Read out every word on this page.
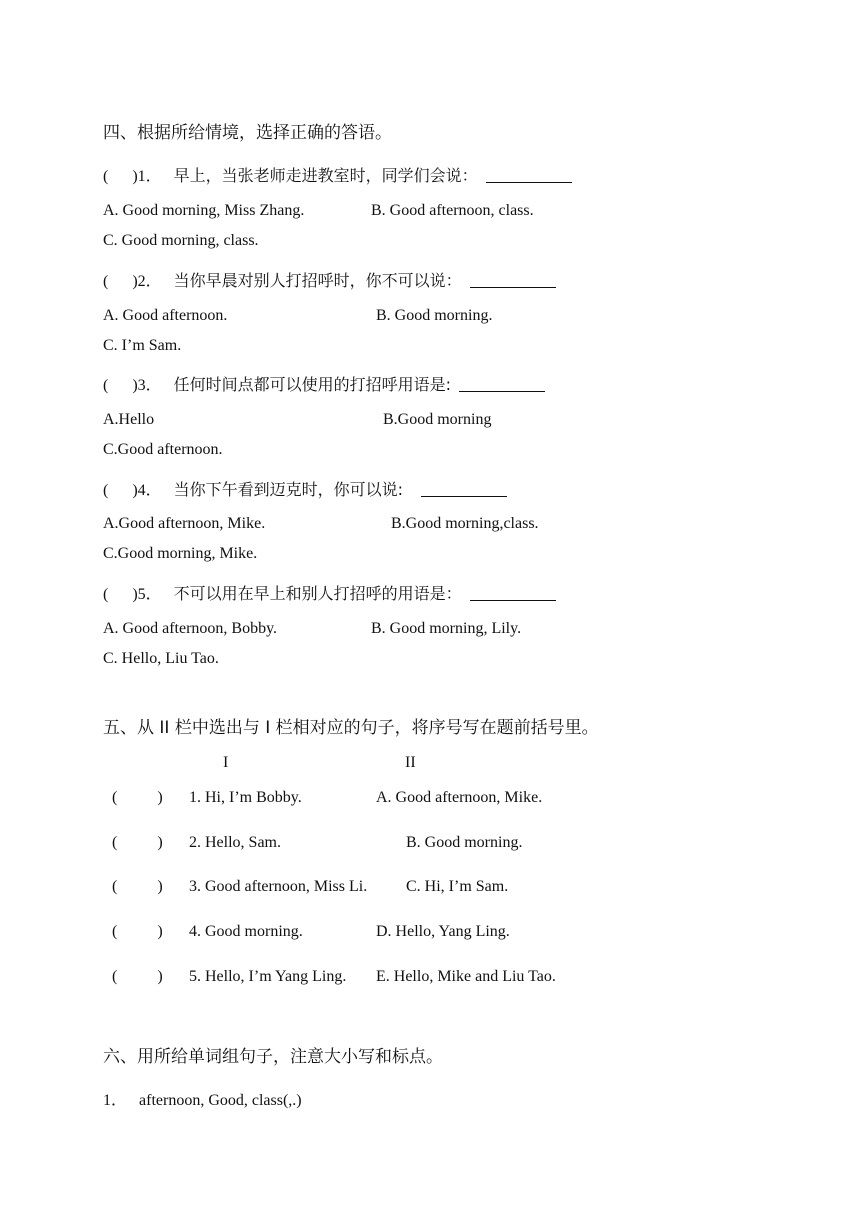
四、根据所给情境，选择正确的答语。
(      )1． 早上，当张老师走进教室时，同学们会说：
A. Good morning, Miss Zhang.	B. Good afternoon, class.
C. Good morning, class.
(      )2． 当你早晨对别人打招呼时，你不可以说：
A. Good afternoon.	B. Good morning.
C. I’m Sam.
(      )3． 任何时间点都可以使用的打招呼用语是:
A.Hello	B.Good morning
C.Good afternoon.
(      )4． 当你下午看到迈克时，你可以说:
A.Good afternoon, Mike.	B.Good morning,class.
C.Good morning, Mike.
(      )5． 不可以用在早上和别人打招呼的用语是：
A. Good afternoon, Bobby.	B. Good morning, Lily.
C. Hello, Liu Tao.
五、从 II 栏中选出与 I 栏相对应的句子，将序号写在题前括号里。
I	II
(          ) 1. Hi, I’m Bobby.	A. Good afternoon, Mike.
(          ) 2. Hello, Sam.	B. Good morning.
(          ) 3. Good afternoon, Miss Li. C. Hi, I’m Sam.
(          ) 4. Good morning.	D. Hello, Yang Ling.
(          ) 5. Hello, I’m Yang Ling. E. Hello, Mike and Liu Tao.
六、用所给单词组句子，注意大小写和标点。
1． afternoon, Good, class(,.)
